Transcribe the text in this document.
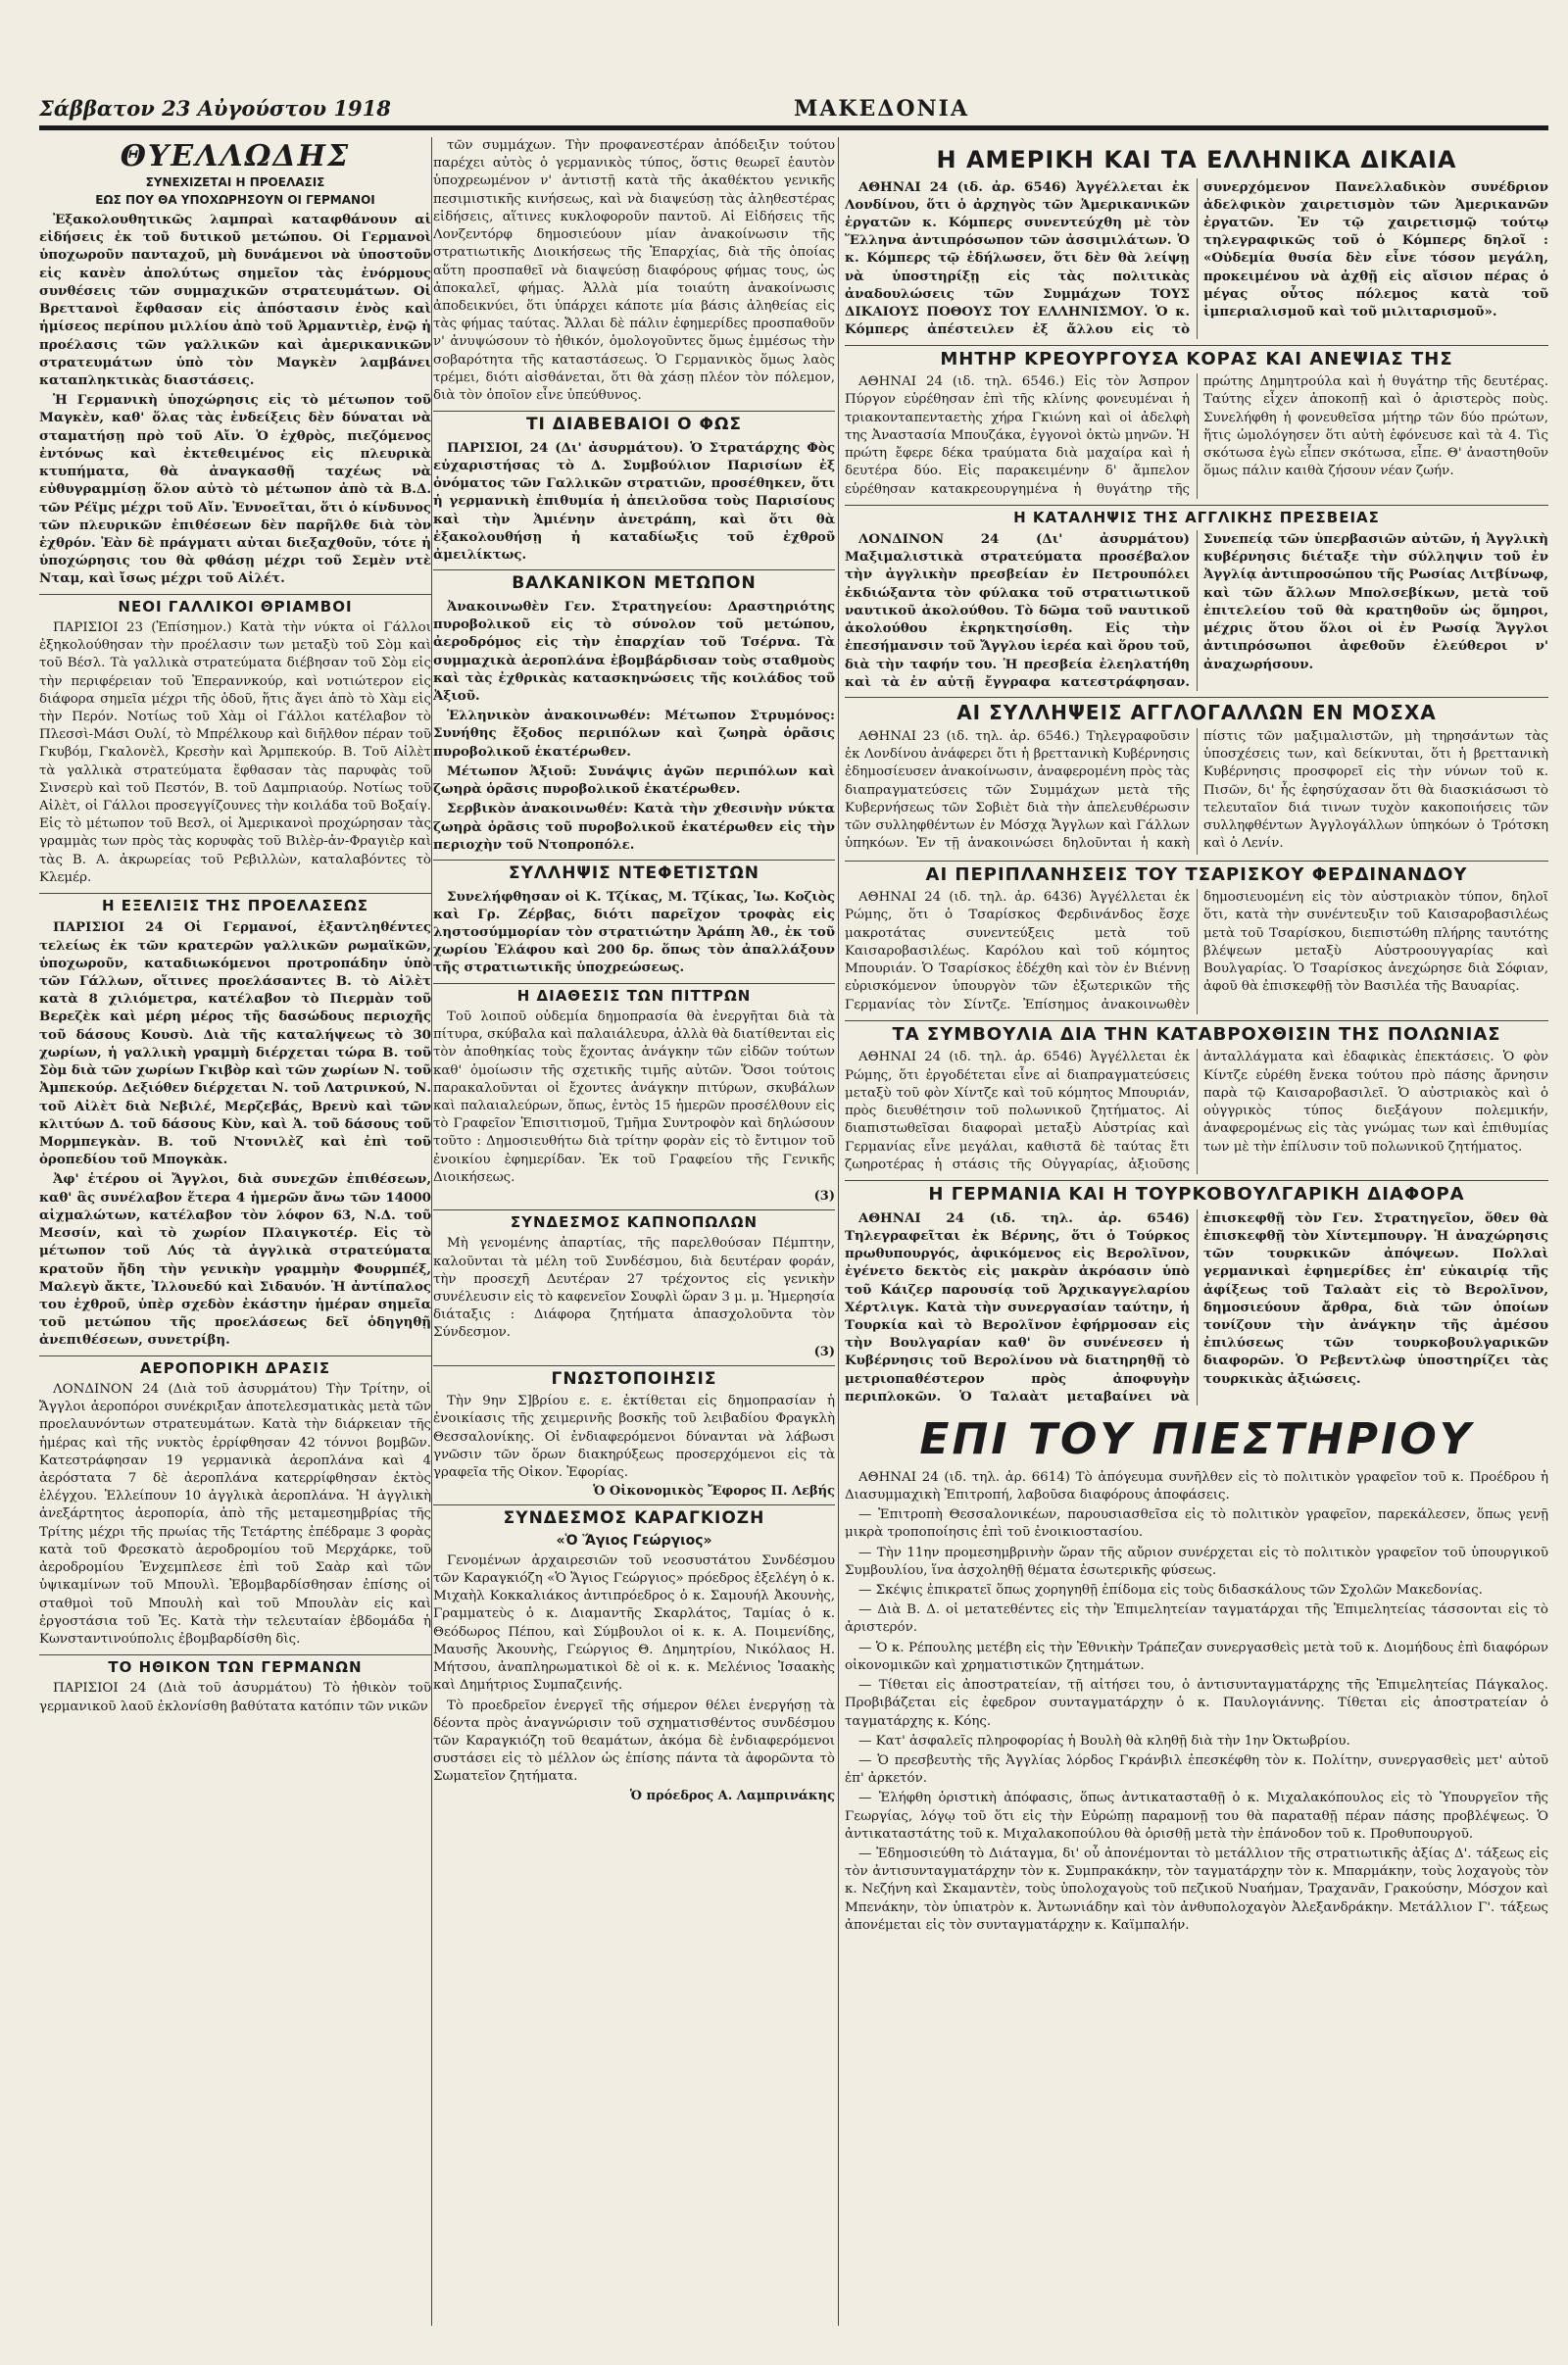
Σάββατον 23 Αὐγούστου 1918	ΜΑΚΕΔΟΝΙΑ
ΘΥΕΛΛΩΔΗΣ
ΣΥΝΕΧΙΖΕΤΑΙ Η ΠΡΟΕΛΑΣΙΣ
ΕΩΣ ΠΟΥ ΘΑ ΥΠΟΧΩΡΗΣΟΥΝ ΟΙ ΓΕΡΜΑΝΟΙ

Ἐξακολουθητικῶς λαμπραὶ καταφθάνουν αἱ εἰδήσεις ἐκ τοῦ δυτικοῦ μετώπου. Οἱ Γερμανοὶ ὑποχωροῦν πανταχοῦ, μὴ δυνάμενοι νὰ ὑποστοῦν εἰς κανὲν ἀπολύτως σημεῖον τὰς ἐνόρμους συνθέσεις τῶν συμμαχικῶν στρατευμάτων. Οἱ Βρεττανοὶ ἔφθασαν εἰς ἀπόστασιν ἑνὸς καὶ ἡμίσεος περίπου μιλλίου ἀπὸ τοῦ Ἀρμαντιὲρ, ἐνῷ ἡ προέλασις τῶν γαλλικῶν καὶ ἀμερικανικῶν στρατευμάτων ὑπὸ τὸν Μαγκὲν λαμβάνει καταπληκτικὰς διαστάσεις.

Ἡ Γερμανικὴ ὑποχώρησις εἰς τὸ μέτωπον τοῦ Μαγκὲν, καθ' ὅλας τὰς ἐνδείξεις δὲν δύναται νὰ σταματήσῃ πρὸ τοῦ Αἴν. Ὁ ἐχθρὸς, πιεζόμενος ἐντόνως καὶ ἐκτεθειμένος εἰς πλευρικὰ κτυπήματα, θὰ ἀναγκασθῇ ταχέως νὰ εὐθυγραμμίσῃ ὅλον αὐτὸ τὸ μέτωπον ἀπὸ τὰ Β.Δ. τῶν Ρέϊμς μέχρι τοῦ Αἴν. Ἐννοεῖται, ὅτι ὁ κίνδυνος τῶν πλευρικῶν ἐπιθέσεων δὲν παρῆλθε διὰ τὸν ἐχθρόν. Ἐὰν δὲ πράγματι αὐται διεξαχθοῦν, τότε ἡ ὑποχώρησις του θὰ φθάσῃ μέχρι τοῦ Σεμὲν ντὲ Νταμ, καὶ ἴσως μέχρι τοῦ Αἰλέτ.

ΝΕΟΙ ΓΑΛΛΙΚΟΙ ΘΡΙΑΜΒΟΙ

ΠΑΡΙΣΙΟΙ 23 (Ἐπίσημον.) Κατὰ τὴν νύκτα οἱ Γάλλοι ἐξηκολούθησαν τὴν προέλασιν των μεταξὺ τοῦ Σὸμ καὶ τοῦ Βέσλ. Τὰ γαλλικὰ στρατεύματα διέβησαν τοῦ Σὸμ εἰς τὴν περιφέρειαν τοῦ Ἐπεραννκούρ, καὶ νοτιώτερον εἰς διάφορα σημεῖα μέχρι τῆς ὁδοῦ, ἥτις ἄγει ἀπὸ τὸ Χὰμ εἰς τὴν Περόν. Νοτίως τοῦ Χὰμ οἱ Γάλλοι κατέλαβον τὸ Πλεσσὶ-Μάσι Ουλί, τὸ Μπρέλκουρ καὶ διῆλθον πέραν τοῦ Γκυβόμ, Γκαλονὲλ, Κρεσὴν καὶ Ἀρμπεκούρ. Β. Τοῦ Αἰλὲτ τὰ γαλλικὰ στρατεύματα ἔφθασαν τὰς παρυφὰς τοῦ Σινσερὺ καὶ τοῦ Πεστόν, Β. τοῦ Δαμπριαούρ. Νοτίως τοῦ Αἰλὲτ, οἱ Γάλλοι προσεγγίζουνες τὴν κοιλάδα τοῦ Βοξαίγ. Εἰς τὸ μέτωπον τοῦ Βεσλ, οἱ Ἀμερικανοὶ προχώρησαν τὰς γραμμὰς των πρὸς τὰς κορυφὰς τοῦ Βιλὲρ-ἀν-Φραγιὲρ καὶ τὰς Β. Α. ἀκρωρείας τοῦ Ρεβιλλὼν, καταλαβόντες τὸ Κλεμέρ.

Η ΕΞΕΛΙΞΙΣ ΤΗΣ ΠΡΟΕΛΑΣΕΩΣ

ΠΑΡΙΣΙΟΙ 24 Οἱ Γερμανοί, ἐξαντληθέντες τελείως ἐκ τῶν κρατερῶν γαλλικῶν ρωμαϊκῶν, ὑποχωροῦν, καταδιωκόμενοι προτροπάδην ὑπὸ τῶν Γάλλων, οἵτινες προελάσαντες Β. τὸ Αἰλὲτ κατὰ 8 χιλιόμετρα, κατέλαβον τὸ Πιερμὰν τοῦ Βερεζὲκ καὶ μέρη μέρος τῆς δασώδους περιοχῆς τοῦ δάσους Κουσὺ. Διὰ τῆς καταλήψεως τὸ 30 χωρίων, ἡ γαλλικὴ γραμμὴ διέρχεται τώρα Β. τοῦ Σὸμ διὰ τῶν χωρίων Γκιβὸρ καὶ τῶν χωρίων Ν. τοῦ Ἀμπεκούρ. Δεξιόθεν διέρχεται Ν. τοῦ Λατρινκού, Ν. τοῦ Αἰλὲτ διὰ Νεβιλέ, Μερζεβάς, Βρενὺ καὶ τῶν κλιτύων Δ. τοῦ δάσους Κὺν, καὶ Ἀ. τοῦ δάσους τοῦ Μορμπεγκὰν. Β. τοῦ Ντονιλὲζ καὶ ἐπὶ τοῦ ὀροπεδίου τοῦ Μπογκὰκ.

Ἀφ' ἑτέρου οἱ Ἄγγλοι, διὰ συνεχῶν ἐπιθέσεων, καθ' ἃς συνέλαβον ἕτερα 4 ἡμερῶν ἄνω τῶν 14000 αἰχμαλώτων, κατέλαβον τὸν λόφον 63, Ν.Δ. τοῦ Μεσσίν, καὶ τὸ χωρίον Πλαιγκοτέρ. Εἰς τὸ μέτωπον τοῦ Λύς τὰ ἀγγλικὰ στρατεύματα κρατοῦν ἤδη τὴν γενικὴν γραμμὴν Φουρμπέξ, Μαλεγὺ ἄκτε, Ἰλλουεδύ καὶ Σιδαυόν. Ἡ ἀντίπαλος του ἐχθροῦ, ὑπὲρ σχεδὸν ἐκάστην ἡμέραν σημεῖα τοῦ μετώπου τῆς προελάσεως δεῖ ὁδηγηθῇ ἀνεπιθέσεων, συνετρίβη.

ΑΕΡΟΠΟΡΙΚΗ ΔΡΑΣΙΣ

ΛΟΝΔΙΝΟΝ 24 (Διὰ τοῦ ἀσυρμάτου) Τὴν Τρίτην, οἱ Ἄγγλοι ἀεροπόροι συνέκριξαν ἀποτελεσματικὰς μετὰ τῶν προελαυνόντων στρατευμάτων. Κατὰ τὴν διάρκειαν τῆς ἡμέρας καὶ τῆς νυκτὸς ἐρρίφθησαν 42 τόννοι βομβῶν. Κατεστράφησαν 19 γερμανικὰ ἀεροπλάνα καὶ 4 ἀερόστατα 7 δὲ ἀεροπλάνα κατερρίφθησαν ἐκτὸς ἐλέγχου. Ἐλλείπουν 10 ἀγγλικὰ ἀεροπλάνα. Ἡ ἀγγλικὴ ἀνεξάρτητος ἀεροπορία, ἀπὸ τῆς μεταμεσημβρίας τῆς Τρίτης μέχρι τῆς πρωίας τῆς Τετάρτης ἐπέδραμε 3 φορὰς κατὰ τοῦ Φρεσκατὸ ἀεροδρομίου τοῦ Μερχάρκε, τοῦ ἀεροδρομίου Ἐνχεμπλεσε ἐπὶ τοῦ Σαὰρ καὶ τῶν ὑψικαμίνων τοῦ Μπουλὶ. Ἐβομβαρδίσθησαν ἐπίσης οἱ σταθμοὶ τοῦ Μπουλὴ καὶ τοῦ Μπουλὰν εἰς καὶ ἐργοστάσια τοῦ Ἐς. Κατὰ τὴν τελευταίαν ἑβδομάδα ἡ Κωνσταντινούπολις ἐβομβαρδίσθη δὶς.

ΤΟ ΗΘΙΚΟΝ ΤΩΝ ΓΕΡΜΑΝΩΝ

ΠΑΡΙΣΙΟΙ 24 (Διὰ τοῦ ἀσυρμάτου) Τὸ ἠθικὸν τοῦ γερμανικοῦ λαοῦ ἐκλονίσθη βαθύτατα κατόπιν τῶν νικῶν

τῶν συμμάχων. Τὴν προφανεστέραν ἀπόδειξιν τούτου παρέχει αὐτὸς ὁ γερμανικὸς τύπος, ὅστις θεωρεῖ ἑαυτὸν ὑποχρεωμένον ν' ἀντιστῇ κατὰ τῆς ἀκαθέκτου γενικῆς πεσιμιστικῆς κινήσεως, καὶ νὰ διαψεύσῃ τὰς ἀληθεστέρας εἰδήσεις, αἵτινες κυκλοφοροῦν παντοῦ. Αἱ Εἰδήσεις τῆς Λονζεντόρφ δημοσιεύουν μίαν ἀνακοίνωσιν τῆς στρατιωτικῆς Διοικήσεως τῆς Ἐπαρχίας, διὰ τῆς ὁποίας αὕτη προσπαθεῖ νὰ διαψεύσῃ διαφόρους φήμας τους, ὡς ἀποκαλεῖ, φήμας. Ἀλλὰ μία τοιαύτη ἀνακοίνωσις ἀποδεικνύει, ὅτι ὑπάρχει κάποτε μία βάσις ἀληθείας εἰς τὰς φήμας ταύτας. Ἄλλαι δὲ πάλιν ἐφημερίδες προσπαθοῦν ν' ἀνυψώσουν τὸ ἠθικόν, ὁμολογοῦντες ὅμως ἐμμέσως τὴν σοβαρότητα τῆς καταστάσεως. Ὁ Γερμανικὸς ὅμως λαὸς τρέμει, διότι αἰσθάνεται, ὅτι θὰ χάσῃ πλέον τὸν πόλεμον, διὰ τὸν ὁποῖον εἶνε ὑπεύθυνος.

ΤΙ ΔΙΑΒΕΒΑΙΟΙ Ο ΦΩΣ

ΠΑΡΙΣΙΟΙ, 24 (Δι' ἀσυρμάτου). Ὁ Στρατάρχης Φὸς εὐχαριστήσας τὸ Δ. Συμβούλιον Παρισίων ἐξ ὀνόματος τῶν Γαλλικῶν στρατιῶν, προσέθηκεν, ὅτι ἡ γερμανικὴ ἐπιθυμία ἡ ἀπειλοῦσα τοὺς Παρισίους καὶ τὴν Ἀμιένην ἀνετράπη, καὶ ὅτι θὰ ἐξακολουθήσῃ ἡ καταδίωξις τοῦ ἐχθροῦ ἀμειλίκτως.

ΒΑΛΚΑΝΙΚΟΝ ΜΕΤΩΠΟΝ

Ἀνακοινωθὲν Γεν. Στρατηγείου: Δραστηριότης πυροβολικοῦ εἰς τὸ σύνολον τοῦ μετώπου, ἀεροδρόμος εἰς τὴν ἐπαρχίαν τοῦ Τσέρνα. Τὰ συμμαχικὰ ἀεροπλάνα ἐβομβάρδισαν τοὺς σταθμοὺς καὶ τὰς ἐχθρικὰς κατασκηνώσεις τῆς κοιλάδος τοῦ Ἀξιοῦ.

Ἑλληνικὸν ἀνακοινωθέν: Μέτωπον Στρυμόνος: Συνήθης ἔξοδος περιπόλων καὶ ζωηρὰ ὁρᾶσις πυροβολικοῦ ἑκατέρωθεν.

Μέτωπον Ἀξιοῦ: Συνάψις ἀγῶν περιπόλων καὶ ζωηρὰ ὁρᾶσις πυροβολικοῦ ἑκατέρωθεν.

Σερβικὸν ἀνακοινωθέν: Κατὰ τὴν χθεσινὴν νύκτα ζωηρὰ ὁρᾶσις τοῦ πυροβολικοῦ ἑκατέρωθεν εἰς τὴν περιοχὴν τοῦ Ντοπροπόλε.

ΣΥΛΛΗΨΙΣ ΝΤΕΦΕΤΙΣΤΩΝ

Συνελήφθησαν οἱ Κ. Τζίκας, Μ. Τζίκας, Ἰω. Κοζιὸς καὶ Γρ. Ζέρβας, διότι παρεῖχον τροφὰς εἰς ληστοσύμμορίαν τὸν στρατιώτην Ἀράπη Ἀθ., ἐκ τοῦ χωρίου Ἐλάφου καὶ 200 δρ. ὅπως τὸν ἀπαλλάξουν τῆς στρατιωτικῆς ὑποχρεώσεως.

Η ΔΙΑΘΕΣΙΣ ΤΩΝ ΠΙΤΤΡΩΝ

Τοῦ λοιποῦ οὐδεμία δημοπρασία θὰ ἐνεργῆται διὰ τὰ πίτυρα, σκύβαλα καὶ παλαιάλευρα, ἀλλὰ θὰ διατίθενται εἰς τὸν ἀποθηκίας τοὺς ἔχοντας ἀνάγκην τῶν εἰδῶν τούτων καθ' ὁμοίωσιν τῆς σχετικῆς τιμῆς αὐτῶν. Ὅσοι τούτοις παρακαλοῦνται οἱ ἔχοντες ἀνάγκην πιτύρων, σκυβάλων καὶ παλαιαλεύρων, ὅπως, ἐντὸς 15 ἡμερῶν προσέλθουν εἰς τὸ Γραφεῖον Ἐπισιτισμοῦ, Τμῆμα Συντροφὸν καὶ δηλώσουν τοῦτο : Δημοσιευθήτω διὰ τρίτην φορὰν εἰς τὸ ἔντιμον τοῦ ἐνοικίου ἐφημερίδαν. Ἐκ τοῦ Γραφείου τῆς Γενικῆς Διοικήσεως.

(3)
ΣΥΝΔΕΣΜΟΣ ΚΑΠΝΟΠΩΛΩΝ

Μὴ γενομένης ἀπαρτίας, τῆς παρελθούσαν Πέμπτην, καλοῦνται τὰ μέλη τοῦ Συνδέσμου, διὰ δευτέραν φοράν, τὴν προσεχῆ Δευτέραν 27 τρέχοντος εἰς γενικὴν συνέλευσιν εἰς τὸ καφενεῖον Σουφλὶ ὥραν 3 μ. μ. Ἡμερησία διάταξις : Διάφορα ζητήματα ἀπασχολοῦντα τὸν Σύνδεσμον.

(3)
ΓΝΩΣΤΟΠΟΙΗΣΙΣ

Τὴν 9ην Σ]βρίου ε. ε. ἐκτίθεται εἰς δημοπρασίαν ἡ ἐνοικίασις τῆς χειμερινῆς βοσκῆς τοῦ λειβαδίου Φραγκλὴ Θεσσαλονίκης. Οἱ ἐνδιαφερόμενοι δύνανται νὰ λάβωσι γνῶσιν τῶν ὅρων διακηρύξεως προσερχόμενοι εἰς τὰ γραφεῖα τῆς Οἰκον. Ἐφορίας.

Ὁ Οἰκονομικὸς Ἔφορος Π. Λεβής
ΣΥΝΔΕΣΜΟΣ ΚΑΡΑΓΚΙΟΖΗ
«Ὁ Ἅγιος Γεώργιος»

Γενομένων ἀρχαιρεσιῶν τοῦ νεοσυστάτου Συνδέσμου τῶν Καραγκιόζη «Ὁ Ἅγιος Γεώργιος» πρόεδρος ἐξελέγη ὁ κ. Μιχαὴλ Κοκκαλιάκος ἀντιπρόεδρος ὁ κ. Σαμουήλ Ἀκουνὴς, Γραμματεὺς ὁ κ. Διαμαντῆς Σκαρλάτος, Ταμίας ὁ κ. Θεόδωρος Πέπου, καὶ Σύμβουλοι οἱ κ. κ. Α. Ποιμενίδης, Μαυσῆς Ἀκουνὴς, Γεώργιος Θ. Δημητρίου, Νικόλαος Η. Μήτσου, ἀναπληρωματικοὶ δὲ οἱ κ. κ. Μελένιος Ἰσαακὴς καὶ Δημήτριος Συμπαζεινής.

Τὸ προεδρεῖον ἐνεργεῖ τῆς σήμερον θέλει ἐνεργήσῃ τὰ δέοντα πρὸς ἀναγνώρισιν τοῦ σχηματισθέντος συνδέσμου τῶν Καραγκιόζη τοῦ θεαμάτων, ἀκόμα δὲ ἐνδιαφερόμενοι συστάσει εἰς τὸ μέλλον ὡς ἐπίσης πάντα τὰ ἀφορῶντα τὸ Σωματεῖον ζητήματα.

Ὁ πρόεδρος Α. Λαμπρινάκης
Η ΑΜΕΡΙΚΗ ΚΑΙ ΤΑ ΕΛΛΗΝΙΚΑ ΔΙΚΑΙΑ

ΑΘΗΝΑΙ 24 (ιδ. ἀρ. 6546) Ἀγγέλλεται ἐκ Λονδίνου, ὅτι ὁ ἀρχηγὸς τῶν Ἀμερικανικῶν ἐργατῶν κ. Κόμπερς συνεντεύχθη μὲ τὸν Ἕλληνα ἀντιπρόσωπον τῶν ἀσσιμιλάτων. Ὁ κ. Κόμπερς τῷ ἐδήλωσεν, ὅτι δὲν θὰ λείψῃ νὰ ὑποστηρίξῃ εἰς τὰς πολιτικὰς ἀναδουλώσεις τῶν Συμμάχων ΤΟΥΣ ΔΙΚΑΙΟΥΣ ΠΟΘΟΥΣ ΤΟΥ ΕΛΛΗΝΙΣΜΟΥ. Ὁ κ. Κόμπερς ἀπέστειλεν ἐξ ἄλλου εἰς τὸ συνερχόμενον Πανελλαδικὸν συνέδριον ἀδελφικὸν χαιρετισμὸν τῶν Ἀμερικανῶν ἐργατῶν. Ἐν τῷ χαιρετισμῷ τούτῳ τηλεγραφικῶς τοῦ ὁ Κόμπερς δηλοῖ : «Οὐδεμία θυσία δὲν εἶνε τόσον μεγάλη, προκειμένου νὰ ἀχθῇ εἰς αἴσιον πέρας ὁ μέγας οὗτος πόλεμος κατὰ τοῦ ἰμπεριαλισμοῦ καὶ τοῦ μιλιταρισμοῦ».

ΜΗΤΗΡ ΚΡΕΟΥΡΓΟΥΣΑ ΚΟΡΑΣ ΚΑΙ ΑΝΕΨΙΑΣ ΤΗΣ

ΑΘΗΝΑΙ 24 (ιδ. τηλ. 6546.) Εἰς τὸν Ἀσπρον Πύργον εὑρέθησαν ἐπὶ τῆς κλίνης φονευμέναι ἡ τριακονταπενταετὴς χήρα Γκιώνη καὶ οἱ ἀδελφὴ της Ἀναστασία Μπουζάκα, ἐγγονοὶ ὀκτὼ μηνῶν. Ἡ πρώτη ἔφερε δέκα τραύματα διὰ μαχαίρα καὶ ἡ δευτέρα δύο. Εἰς παρακειμένην δ' ἄμπελον εὑρέθησαν κατακρεουργημένα ἡ θυγάτηρ τῆς πρώτης Δημητρούλα καὶ ἡ θυγάτηρ τῆς δευτέρας. Ταύτης εἶχεν ἀποκοπῇ καὶ ὁ ἀριστερὸς ποὺς. Συνελήφθη ἡ φονευθεῖσα μήτηρ τῶν δύο πρώτων, ἥτις ὡμολόγησεν ὅτι αὐτὴ ἐφόνευσε καὶ τὰ 4. Τὶς σκότωσα ἐγὼ εἶπεν σκότωσα, εἶπε. Θ' ἀναστηθοῦν ὅμως πάλιν καιθὰ ζήσουν νέαν ζωήν.

Η ΚΑΤΑΛΗΨΙΣ ΤΗΣ ΑΓΓΛΙΚΗΣ ΠΡΕΣΒΕΙΑΣ

ΛΟΝΔΙΝΟΝ 24 (Δι' ἀσυρμάτου) Μαξιμαλιστικὰ στρατεύματα προσέβαλον τὴν ἀγγλικὴν πρεσβείαν ἐν Πετρουπόλει ἐκδιώξαντα τὸν φύλακα τοῦ στρατιωτικοῦ ναυτικοῦ ἀκολούθου. Τὸ δῶμα τοῦ ναυτικοῦ ἀκολούθου ἐκρηκτησίσθη. Εἰς τὴν ἐπεσήμανσιν τοῦ Ἄγγλου ἱερέα καὶ ὅρου τοῦ, διὰ τὴν ταφήν του. Ἡ πρεσβεία ἐλεηλατήθη καὶ τὰ ἐν αὐτῇ ἔγγραφα κατεστράφησαν. Συνεπείᾳ τῶν ὑπερβασιῶν αὐτῶν, ἡ Ἀγγλικὴ κυβέρνησις διέταξε τὴν σύλληψιν τοῦ ἐν Ἀγγλίᾳ ἀντιπροσώπου τῆς Ρωσίας Λιτβίνωφ, καὶ τῶν ἄλλων Μπολσεβίκων, μετὰ τοῦ ἐπιτελείου τοῦ θὰ κρατηθοῦν ὡς ὅμηροι, μέχρις ὅτου ὅλοι οἱ ἐν Ρωσίᾳ Ἄγγλοι ἀντιπρόσωποι ἀφεθοῦν ἐλεύθεροι ν' ἀναχωρήσουν.

ΑΙ ΣΥΛΛΗΨΕΙΣ ΑΓΓΛΟΓΑΛΛΩΝ ΕΝ ΜΟΣΧΑ

ΑΘΗΝΑΙ 23 (ιδ. τηλ. ἀρ. 6546.) Τηλεγραφοῦσιν ἐκ Λονδίνου ἀνάφερει ὅτι ἡ βρεττανικὴ Κυβέρνησις ἐδημοσίευσεν ἀνακοίνωσιν, ἀναφερομένη πρὸς τὰς διαπραγματεύσεις τῶν Συμμάχων μετὰ τῆς Κυβερνήσεως τῶν Σοβιὲτ διὰ τὴν ἀπελευθέρωσιν τῶν συλληφθέντων ἐν Μόσχᾳ Ἄγγλων καὶ Γάλλων ὑπηκόων. Ἐν τῇ ἀνακοινώσει δηλοῦνται ἡ κακὴ πίστις τῶν μαξιμαλιστῶν, μὴ τηρησάντων τὰς ὑποσχέσεις των, καὶ δείκνυται, ὅτι ἡ βρεττανικὴ Κυβέρνησις προσφορεῖ εἰς τὴν νύνων τοῦ κ. Πισῶν, δι' ἧς ἐφησύχασαν ὅτι θὰ διασκιάσωσι τὸ τελευταῖον διά τινων τυχὸν κακοποιήσεις τῶν συλληφθέντων Ἀγγλογάλλων ὑπηκόων ὁ Τρότσκη καὶ ὁ Λενίν.

ΑΙ ΠΕΡΙΠΛΑΝΗΣΕΙΣ ΤΟΥ ΤΣΑΡΙΣΚΟΥ ΦΕΡΔΙΝΑΝΔΟΥ

ΑΘΗΝΑΙ 24 (ιδ. τηλ. ἀρ. 6436) Ἀγγέλλεται ἐκ Ρώμης, ὅτι ὁ Τσαρίσκος Φερδινάνδος ἔσχε μακροτάτας συνεντεύξεις μετὰ τοῦ Καισαροβασιλέως. Καρόλου καὶ τοῦ κόμητος Μπουριάν. Ὁ Τσαρίσκος ἐδέχθη καὶ τὸν ἐν Βιέννῃ εὐρισκόμενον ὑπουργὸν τῶν ἐξωτερικῶν τῆς Γερμανίας τὸν Σίντζε. Ἐπίσημος ἀνακοινωθὲν δημοσιευομένη εἰς τὸν αὐστριακὸν τύπον, δηλοῖ ὅτι, κατὰ τὴν συνέντευξιν τοῦ Καισαροβασιλέως μετὰ τοῦ Τσαρίσκου, διεπιστώθη πλήρης ταυτότης βλέψεων μεταξὺ Αὐστροουγγαρίας καὶ Βουλγαρίας. Ὁ Τσαρίσκος ἀνεχώρησε διὰ Σόφιαν, ἀφοῦ θὰ ἐπισκεφθῇ τὸν Βασιλέα τῆς Βαυαρίας.

ΤΑ ΣΥΜΒΟΥΛΙΑ ΔΙΑ ΤΗΝ ΚΑΤΑΒΡΟΧΘΙΣΙΝ ΤΗΣ ΠΟΛΩΝΙΑΣ

ΑΘΗΝΑΙ 24 (ιδ. τηλ. ἀρ. 6546) Ἀγγέλλεται ἐκ Ρώμης, ὅτι ἐργοδέτεται εἶνε αἱ διαπραγματεύσεις μεταξὺ τοῦ φὸν Χίντζε καὶ τοῦ κόμητος Μπουριάν, πρὸς διευθέτησιν τοῦ πολωνικοῦ ζητήματος. Αἱ διαπιστωθεῖσαι διαφοραὶ μεταξὺ Αὐστρίας καὶ Γερμανίας εἶνε μεγάλαι, καθιστᾶ δὲ ταύτας ἔτι ζωηροτέρας ἡ στάσις τῆς Οὐγγαρίας, ἀξιοῦσης ἀνταλλάγματα καὶ ἐδαφικὰς ἐπεκτάσεις. Ὁ φὸν Κίντζε εὑρέθη ἔνεκα τούτου πρὸ πάσης ἄρνησιν παρὰ τῷ Καισαροβασιλεῖ. Ὁ αὐστριακὸς καὶ ὁ οὐγγρικὸς τύπος διεξάγουν πολεμικήν, ἀναφερομένως εἰς τὰς γνώμας των καὶ ἐπιθυμίας των μὲ τὴν ἐπίλυσιν τοῦ πολωνικοῦ ζητήματος.

Η ΓΕΡΜΑΝΙΑ ΚΑΙ Η ΤΟΥΡΚΟΒΟΥΛΓΑΡΙΚΗ ΔΙΑΦΟΡΑ

ΑΘΗΝΑΙ 24 (ιδ. τηλ. ἀρ. 6546) Τηλεγραφεῖται ἐκ Βέρνης, ὅτι ὁ Τούρκος πρωθυπουργός, ἀφικόμενος εἰς Βερολῖνον, ἐγένετο δεκτὸς εἰς μακρὰν ἀκρόασιν ὑπὸ τοῦ Κάιζερ παρουσίᾳ τοῦ Ἀρχικαγγελαρίου Χέρτλιγκ. Κατὰ τὴν συνεργασίαν ταύτην, ἡ Τουρκία καὶ τὸ Βερολῖνον ἐφήρμοσαν εἰς τὴν Βουλγαρίαν καθ' ὃν συνένεσεν ἡ Κυβέρνησις τοῦ Βερολίνου νὰ διατηρηθῇ τὸ μετριοπαθέστερον πρὸς ἀποφυγὴν περιπλοκῶν. Ὁ Ταλαὰτ μεταβαίνει νὰ ἐπισκεφθῇ τὸν Γεν. Στρατηγεῖον, ὅθεν θὰ ἐπισκεφθῇ τὸν Χίντεμπουργ. Ἡ ἀναχώρησις τῶν τουρκικῶν ἀπόψεων. Πολλαὶ γερμανικαὶ ἐφημερίδες ἐπ' εὐκαιρίᾳ τῆς ἀφίξεως τοῦ Ταλαὰτ εἰς τὸ Βερολῖνον, δημοσιεύουν ἄρθρα, διὰ τῶν ὁποίων τονίζουν τὴν ἀνάγκην τῆς ἀμέσου ἐπιλύσεως τῶν τουρκοβουλγαρικῶν διαφορῶν. Ὁ Ρεβεντλὼφ ὑποστηρίζει τὰς τουρκικὰς ἀξιώσεις.

ΕΠΙ ΤΟΥ ΠΙΕΣΤΗΡΙΟΥ

ΑΘΗΝΑΙ 24 (ιδ. τηλ. ἀρ. 6614) Τὸ ἀπόγευμα συνῆλθεν εἰς τὸ πολιτικὸν γραφεῖον τοῦ κ. Προέδρου ἡ Διασυμμαχικὴ Ἐπιτροπή, λαβοῦσα διαφόρους ἀποφάσεις.

— Ἐπιτροπὴ Θεσσαλονικέων, παρουσιασθεῖσα εἰς τὸ πολιτικὸν γραφεῖον, παρεκάλεσεν, ὅπως γενῇ μικρὰ τροποποίησις ἐπὶ τοῦ ἐνοικιοστασίου.

— Τὴν 11ην προμεσημβρινὴν ὥραν τῆς αὔριον συνέρχεται εἰς τὸ πολιτικὸν γραφεῖον τοῦ ὑπουργικοῦ Συμβουλίου, ἵνα ἀσχοληθῇ θέματα ἐσωτερικῆς φύσεως.

— Σκέψις ἐπικρατεῖ ὅπως χορηγηθῇ ἐπίδομα εἰς τοὺς διδασκάλους τῶν Σχολῶν Μακεδονίας.

— Διὰ Β. Δ. οἱ μετατεθέντες εἰς τὴν Ἐπιμελητείαν ταγματάρχαι τῆς Ἐπιμελητείας τάσσονται εἰς τὸ ἀριστερόν.

— Ὁ κ. Ρέπουλης μετέβη εἰς τὴν Ἐθνικὴν Τράπεζαν συνεργασθεὶς μετὰ τοῦ κ. Διομήδους ἐπὶ διαφόρων οἰκονομικῶν καὶ χρηματιστικῶν ζητημάτων.

— Τίθεται εἰς ἀποστρατείαν, τῇ αἰτήσει του, ὁ ἀντισυνταγματάρχης τῆς Ἐπιμελητείας Πάγκαλος. Προβιβάζεται εἰς ἐφεδρον συνταγματάρχην ὁ κ. Παυλογιάννης. Τίθεται εἰς ἀποστρατείαν ὁ ταγματάρχης κ. Κόης.

— Κατ' ἀσφαλεῖς πληροφορίας ἡ Βουλὴ θὰ κληθῇ διὰ τὴν 1ην Ὀκτωβρίου.

— Ὁ πρεσβευτὴς τῆς Ἀγγλίας λόρδος Γκράνβιλ ἐπεσκέφθη τὸν κ. Πολίτην, συνεργασθεὶς μετ' αὐτοῦ ἐπ' ἀρκετόν.

— Ἐλήφθη ὁριστικὴ ἀπόφασις, ὅπως ἀντικατασταθῇ ὁ κ. Μιχαλακόπουλος εἰς τὸ Ὑπουργεῖον τῆς Γεωργίας, λόγῳ τοῦ ὅτι εἰς τὴν Εὐρώπῃ παραμονῇ του θὰ παραταθῇ πέραν πάσης προβλέψεως. Ὁ ἀντικαταστάτης τοῦ κ. Μιχαλακοπούλου θὰ ὁρισθῇ μετὰ τὴν ἐπάνοδον τοῦ κ. Προθυπουργοῦ.

— Ἐδημοσιεύθη τὸ Διάταγμα, δι' οὗ ἀπονέμονται τὸ μετάλλιον τῆς στρατιωτικῆς ἀξίας Δ'. τάξεως εἰς τὸν ἀντισυνταγματάρχην τὸν κ. Συμπρακάκην, τὸν ταγματάρχην τὸν κ. Μπαρμάκην, τοὺς λοχαγοὺς τὸν κ. Νεζήνη καὶ Σκαμαντὲν, τοὺς ὑπολοχαγοὺς τοῦ πεζικοῦ Νυαήμαν, Τραχανᾶν, Γρακούσην, Μόσχον καὶ Μπενάκην, τὸν ὑπιατρὸν κ. Ἀντωνιάδην καὶ τὸν ἀνθυπολοχαγὸν Ἀλεξανδράκην. Μετάλλιον Γ'. τάξεως ἀπονέμεται εἰς τὸν συνταγματάρχην κ. Καϊμπαλήν.
